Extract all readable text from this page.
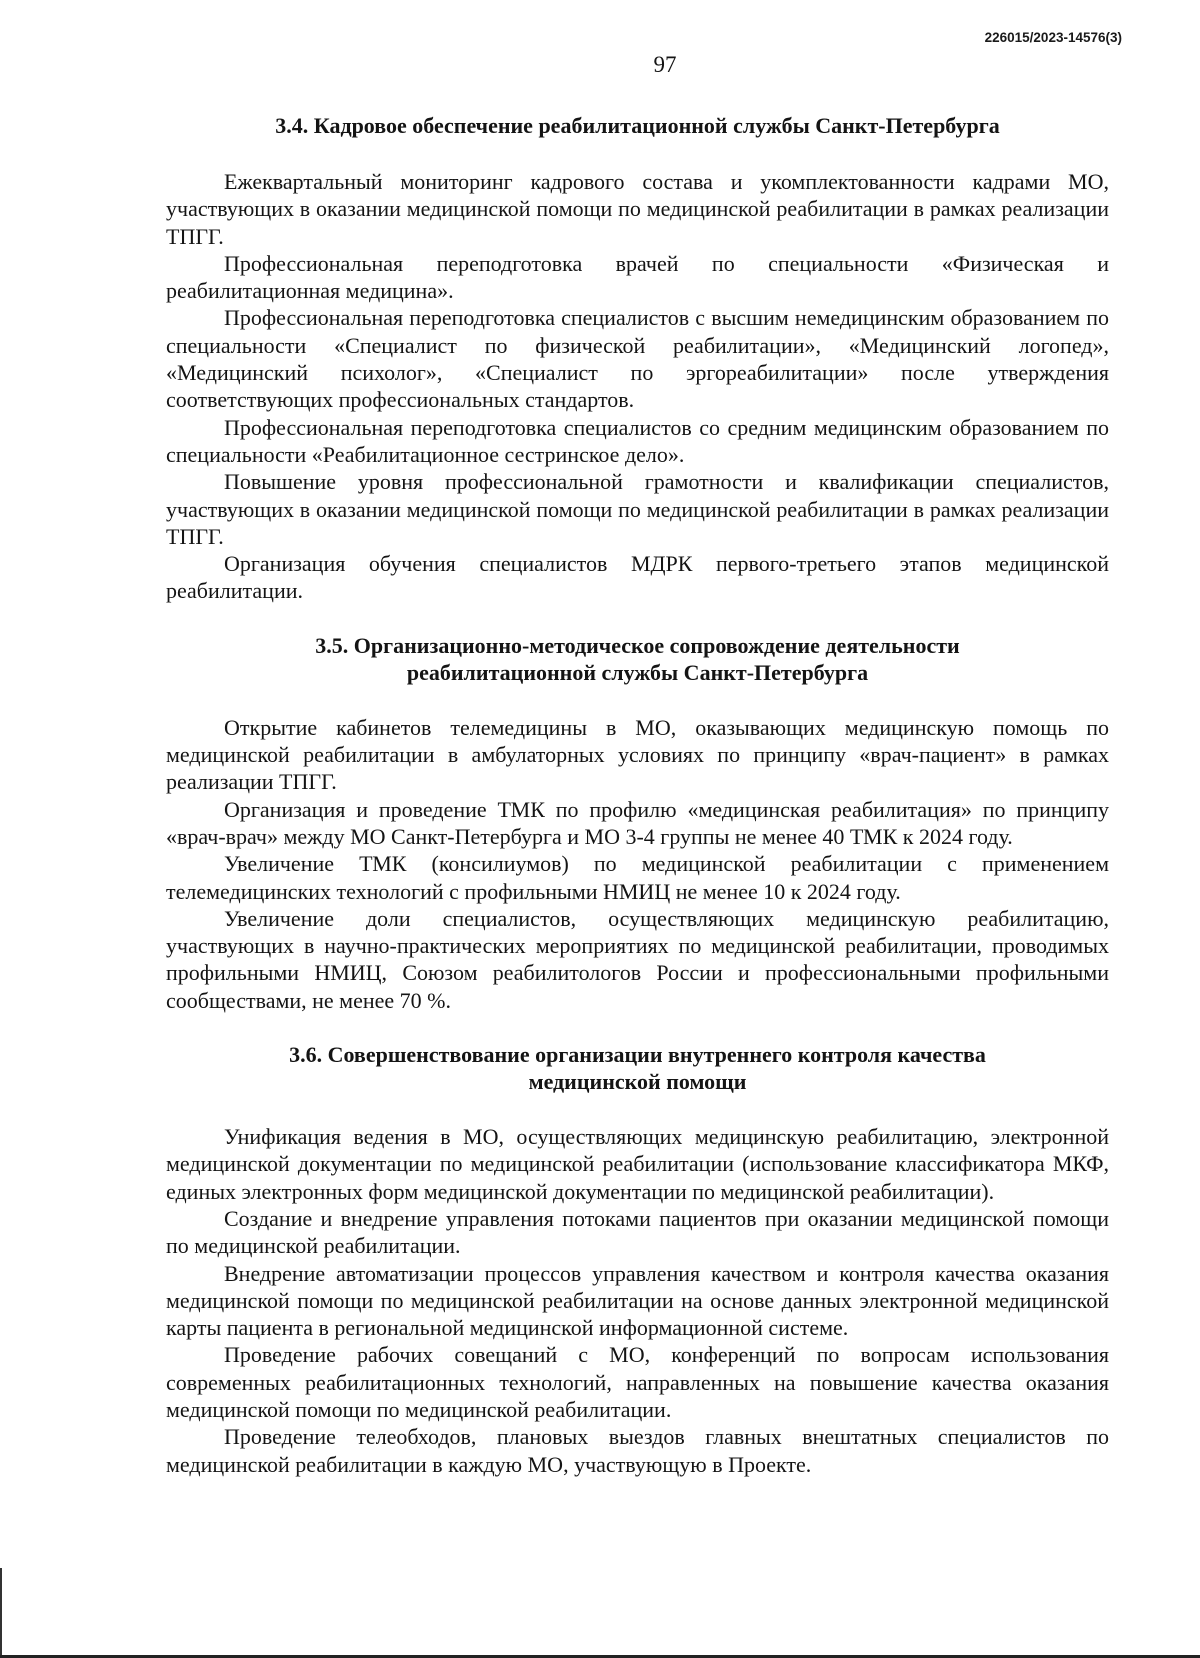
226015/2023-14576(3)
97
3.4. Кадровое обеспечение реабилитационной службы Санкт-Петербурга

Ежеквартальный мониторинг кадрового состава и укомплектованности кадрами МО, участвующих в оказании медицинской помощи по медицинской реабилитации в рамках реализации ТПГГ.

Профессиональная переподготовка врачей по специальности «Физическая и реабилитационная медицина».

Профессиональная переподготовка специалистов с высшим немедицинским образованием по специальности «Специалист по физической реабилитации», «Медицинский логопед», «Медицинский психолог», «Специалист по эргореабилитации» после утверждения соответствующих профессиональных стандартов.

Профессиональная переподготовка специалистов со средним медицинским образованием по специальности «Реабилитационное сестринское дело».

Повышение уровня профессиональной грамотности и квалификации специалистов, участвующих в оказании медицинской помощи по медицинской реабилитации в рамках реализации ТПГГ.

Организация обучения специалистов МДРК первого-третьего этапов медицинской реабилитации.

3.5. Организационно-методическое сопровождение деятельности
реабилитационной службы Санкт-Петербурга

Открытие кабинетов телемедицины в МО, оказывающих медицинскую помощь по медицинской реабилитации в амбулаторных условиях по принципу «врач-пациент» в рамках реализации ТПГГ.

Организация и проведение ТМК по профилю «медицинская реабилитация» по принципу «врач-врач» между МО Санкт-Петербурга и МО 3-4 группы не менее 40 ТМК к 2024 году.

Увеличение ТМК (консилиумов) по медицинской реабилитации с применением телемедицинских технологий с профильными НМИЦ не менее 10 к 2024 году.

Увеличение доли специалистов, осуществляющих медицинскую реабилитацию, участвующих в научно-практических мероприятиях по медицинской реабилитации, проводимых профильными НМИЦ, Союзом реабилитологов России и профессиональными профильными сообществами, не менее 70 %.

3.6. Совершенствование организации внутреннего контроля качества
медицинской помощи

Унификация ведения в МО, осуществляющих медицинскую реабилитацию, электронной медицинской документации по медицинской реабилитации (использование классификатора МКФ, единых электронных форм медицинской документации по медицинской реабилитации).

Создание и внедрение управления потоками пациентов при оказании медицинской помощи по медицинской реабилитации.

Внедрение автоматизации процессов управления качеством и контроля качества оказания медицинской помощи по медицинской реабилитации на основе данных электронной медицинской карты пациента в региональной медицинской информационной системе.

Проведение рабочих совещаний с МО, конференций по вопросам использования современных реабилитационных технологий, направленных на повышение качества оказания медицинской помощи по медицинской реабилитации.

Проведение телеобходов, плановых выездов главных внештатных специалистов по медицинской реабилитации в каждую МО, участвующую в Проекте.
